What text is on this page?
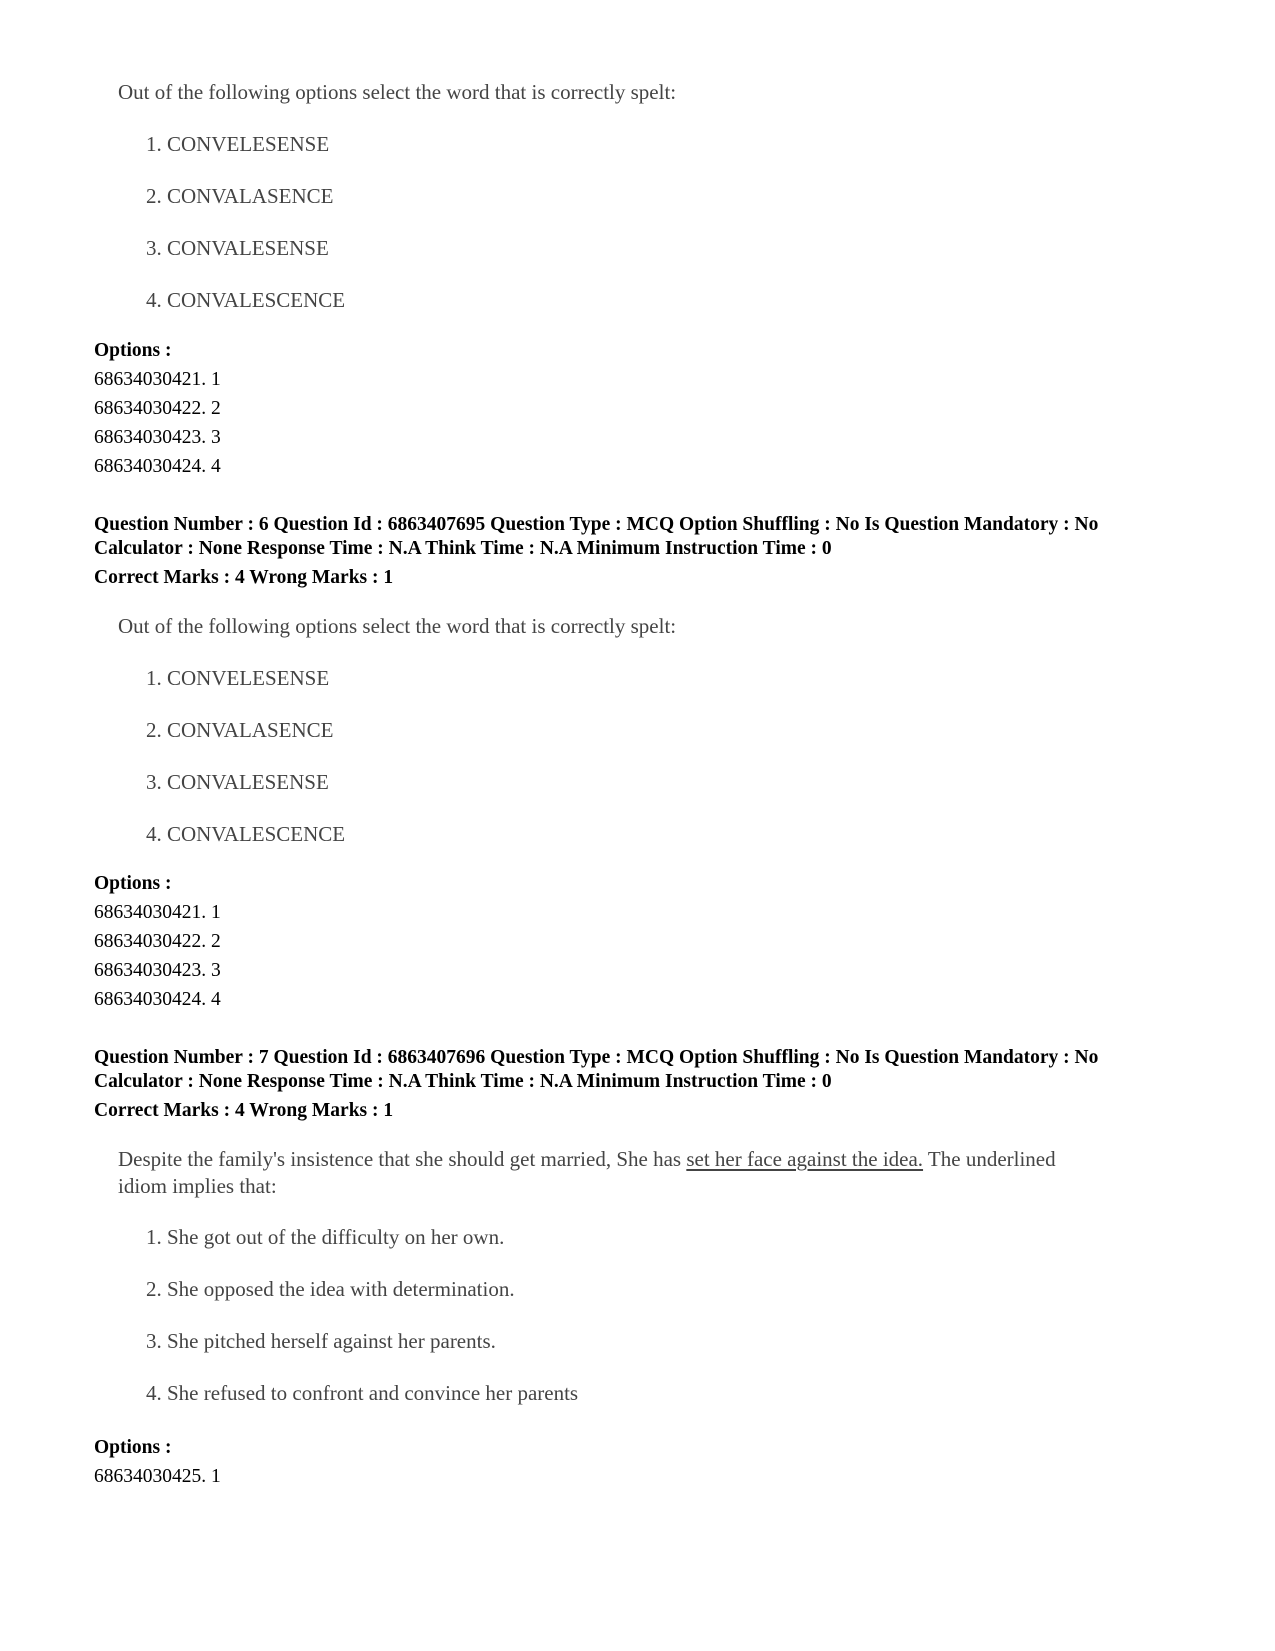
Out of the following options select the word that is correctly spelt:

1. CONVELESENSE
2. CONVALASENCE
3. CONVALESENSE
4. CONVALESCENCE
Options :
68634030421. 1
68634030422. 2
68634030423. 3
68634030424. 4
Question Number : 6 Question Id : 6863407695 Question Type : MCQ Option Shuffling : No Is Question Mandatory : No
Calculator : None Response Time : N.A Think Time : N.A Minimum Instruction Time : 0
Correct Marks : 4 Wrong Marks : 1

Out of the following options select the word that is correctly spelt:

1. CONVELESENSE
2. CONVALASENCE
3. CONVALESENSE
4. CONVALESCENCE
Options :
68634030421. 1
68634030422. 2
68634030423. 3
68634030424. 4
Question Number : 7 Question Id : 6863407696 Question Type : MCQ Option Shuffling : No Is Question Mandatory : No
Calculator : None Response Time : N.A Think Time : N.A Minimum Instruction Time : 0
Correct Marks : 4 Wrong Marks : 1

Despite the family's insistence that she should get married, She has set her face against the idea. The underlined idiom implies that:

1. She got out of the difficulty on her own.
2. She opposed the idea with determination.
3. She pitched herself against her parents.
4. She refused to confront and convince her parents
Options :
68634030425. 1
